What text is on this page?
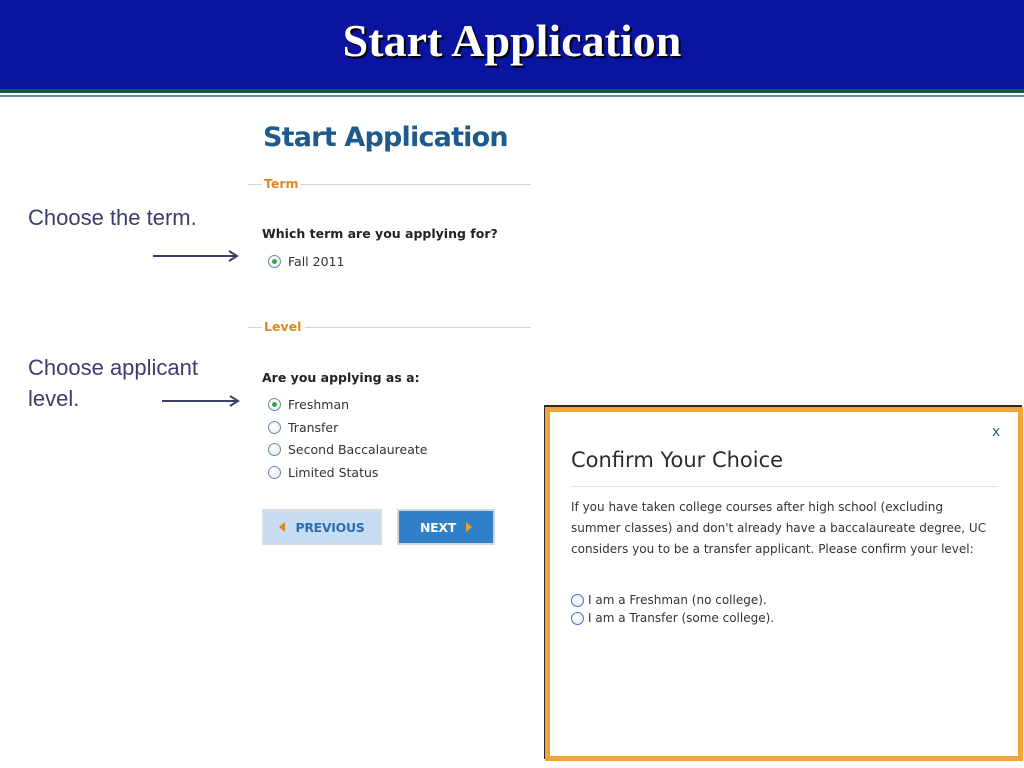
Start Application
Choose the term.
Choose applicant
level.
Start Application
Term
Which term are you applying for?
Fall 2011
Level
Are you applying as a:
Freshman
Transfer
Second Baccalaureate
Limited Status
PREVIOUS	NEXT
x
Confirm Your Choice
If you have taken college courses after high school (excluding
summer classes) and don't already have a baccalaureate degree, UC
considers you to be a transfer applicant. Please confirm your level:
I am a Freshman (no college).
I am a Transfer (some college).
